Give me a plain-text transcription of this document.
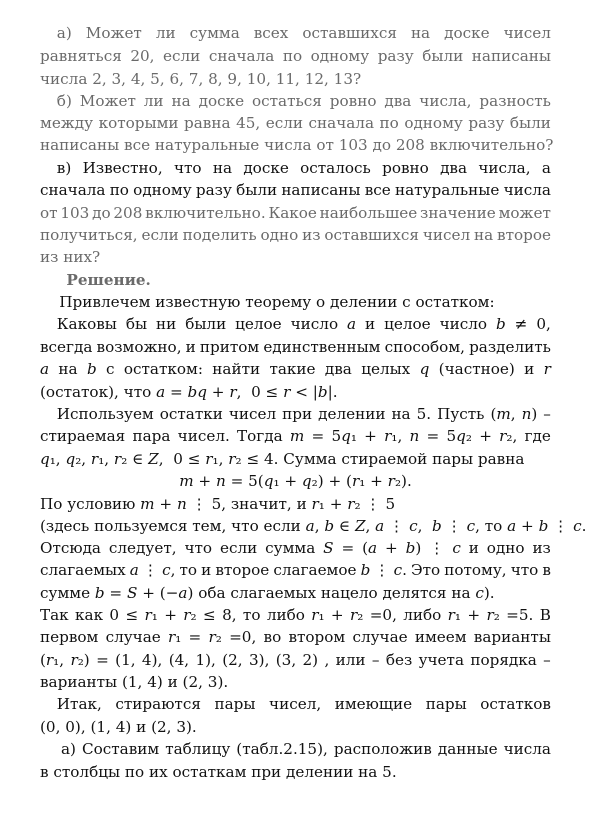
а) Может ли сумма всех оставшихся на доске чисел
равняться 20, если сначала по одному разу были написаны
числа 2, 3, 4, 5, 6, 7, 8, 9, 10, 11, 12, 13?
б) Может ли на доске остаться ровно два числа, разность
между которыми равна 45, если сначала по одному разу были
написаны все натуральные числа от 103 до 208 включительно?
в) Известно, что на доске осталось ровно два числа, а
сначала по одному разу были написаны все натуральные числа
от 103 до 208 включительно. Какое наибольшее значение может
получиться, если поделить одно из оставшихся чисел на второе
из них?
Решение.
Привлечем известную теорему о делении с остатком:
Каковы бы ни были целое число 𝑎 и целое число 𝑏 ≠ 0,
всегда возможно, и притом единственным способом, разделить
𝑎 на 𝑏 с остатком: найти такие два целых 𝑞 (частное) и 𝑟
(остаток), что 𝑎 = 𝑏𝑞 + 𝑟,  0 ≤ 𝑟 < |𝑏|.
Используем остатки чисел при делении на 5. Пусть (𝑚, 𝑛) –
стираемая пара чисел. Тогда 𝑚 = 5𝑞₁ + 𝑟₁, 𝑛 = 5𝑞₂ + 𝑟₂, где
𝑞₁, 𝑞₂, 𝑟₁, 𝑟₂ ∈ 𝑍,  0 ≤ 𝑟₁, 𝑟₂ ≤ 4. Сумма стираемой пары равна
𝑚 + 𝑛 = 5(𝑞₁ + 𝑞₂) + (𝑟₁ + 𝑟₂).
По условию 𝑚 + 𝑛 ⋮ 5, значит, и 𝑟₁ + 𝑟₂ ⋮ 5
(здесь пользуемся тем, что если 𝑎, 𝑏 ∈ 𝑍, 𝑎 ⋮ 𝑐,  𝑏 ⋮ 𝑐, то 𝑎 + 𝑏 ⋮ 𝑐.
Отсюда следует, что если сумма 𝑆 = (𝑎 + 𝑏) ⋮ 𝑐 и одно из
слагаемых 𝑎 ⋮ 𝑐, то и второе слагаемое 𝑏 ⋮ 𝑐. Это потому, что в
сумме 𝑏 = 𝑆 + (−𝑎) оба слагаемых нацело делятся на 𝑐).
Так как 0 ≤ 𝑟₁ + 𝑟₂ ≤ 8, то либо 𝑟₁ + 𝑟₂ =0, либо 𝑟₁ + 𝑟₂ =5. В
первом случае 𝑟₁ = 𝑟₂ =0, во втором случае имеем варианты
(𝑟₁, 𝑟₂) = (1, 4), (4, 1), (2, 3), (3, 2) , или – без учета порядка –
варианты (1, 4) и (2, 3).
Итак, стираются пары чисел, имеющие пары остатков
(0, 0), (1, 4) и (2, 3).
а) Составим таблицу (табл.2.15), расположив данные числа
в столбцы по их остаткам при делении на 5.
